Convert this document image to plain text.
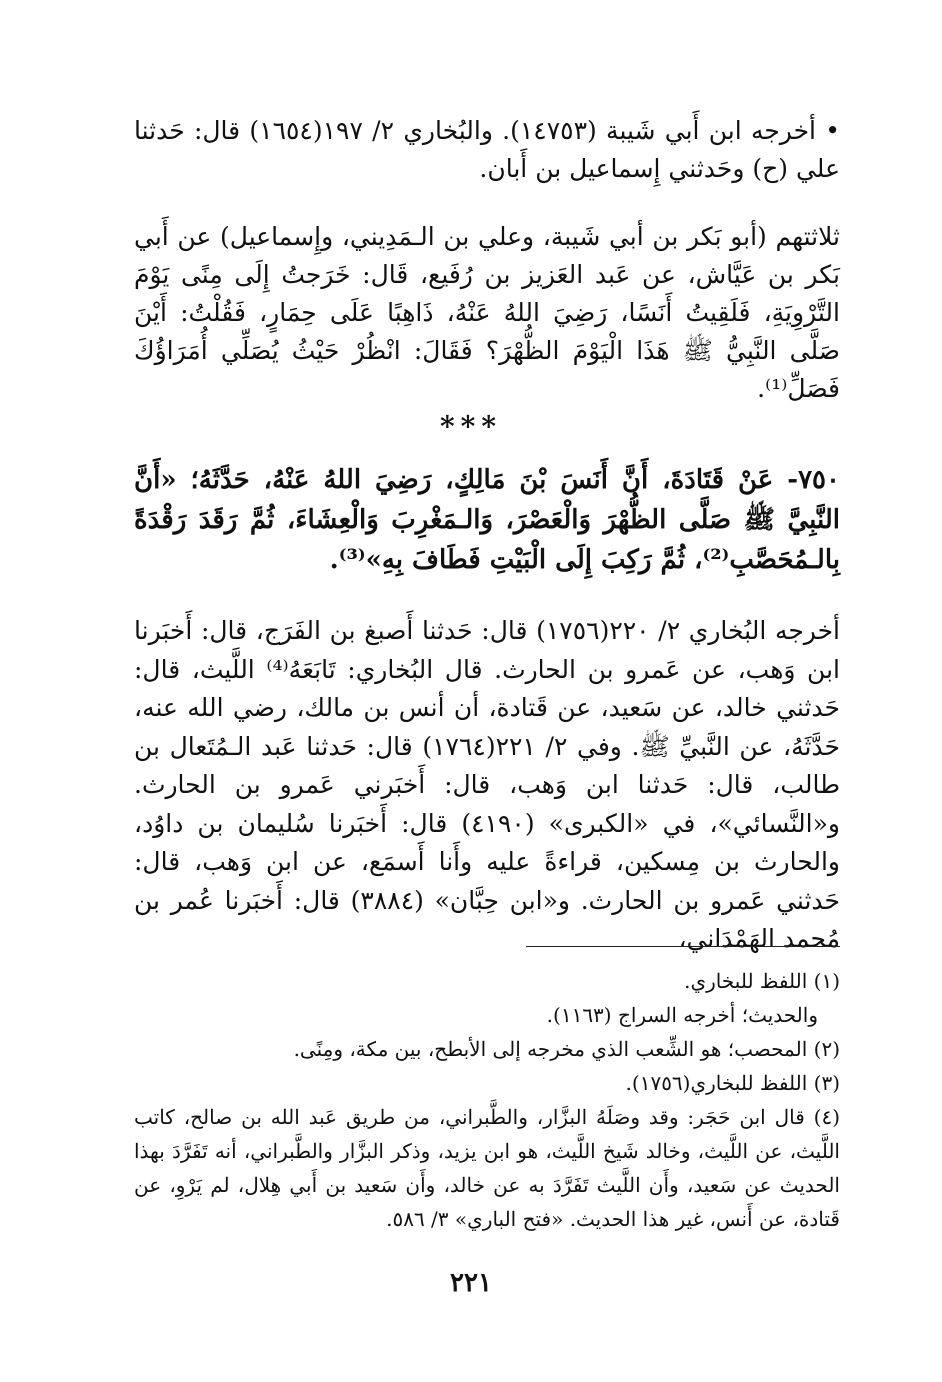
• أخرجه ابن أَبي شَيبة (١٤٧٥٣). والبُخاري ٢/ ١٩٧(١٦٥٤) قال: حَدثنا علي (ح) وحَدثني إِسماعيل بن أَبان.

ثلاثتهم (أبو بَكر بن أبي شَيبة، وعلي بن الـمَدِيني، وإِسماعيل) عن أَبي بَكر بن عَيَّاش، عن عَبد العَزيز بن رُفَيع، قَال: خَرَجتُ إِلَى مِنًى يَوْمَ التَّرْوِيَةِ، فَلَقِيتُ أَنَسًا، رَضِيَ اللهُ عَنْهُ، ذَاهِبًا عَلَى حِمَارٍ، فَقُلْتُ: أَيْنَ صَلَّى النَّبِيُّ ﷺ هَذَا الْيَوْمَ الظُّهْرَ؟ فَقَالَ: انْظُرْ حَيْثُ يُصَلِّي أُمَرَاؤُكَ فَصَلِّ⁽¹⁾.

***

٧٥٠- عَنْ قَتَادَةَ، أَنَّ أَنَسَ بْنَ مَالِكٍ، رَضِيَ اللهُ عَنْهُ، حَدَّثَهُ؛ «أَنَّ النَّبِيَّ ﷺ صَلَّى الظُّهْرَ وَالْعَصْرَ، وَالـمَغْرِبَ وَالْعِشَاءَ، ثُمَّ رَقَدَ رَقْدَةً بِالـمُحَصَّبِ⁽²⁾، ثُمَّ رَكِبَ إِلَى الْبَيْتِ فَطَافَ بِهِ»⁽³⁾.

أخرجه البُخاري ٢/ ٢٢٠(١٧٥٦) قال: حَدثنا أَصبغ بن الفَرَج، قال: أَخبَرنا ابن وَهب، عن عَمرو بن الحارث. قال البُخاري: تَابَعَهُ⁽⁴⁾ اللَّيث، قال: حَدثني خالد، عن سَعيد، عن قَتادة، أن أنس بن مالك، رضي الله عنه، حَدَّثَهُ، عن النَّبيِّ ﷺ. وفي ٢/ ٢٢١(١٧٦٤) قال: حَدثنا عَبد الـمُتَعال بن طالب، قال: حَدثنا ابن وَهب، قال: أَخبَرني عَمرو بن الحارث. و«النَّسائي»، في «الكبرى» (٤١٩٠) قال: أَخبَرنا سُليمان بن داوُد، والحارث بن مِسكين، قراءةً عليه وأَنا أَسمَع، عن ابن وَهب، قال: حَدثني عَمرو بن الحارث. و«ابن حِبَّان» (٣٨٨٤) قال: أَخبَرنا عُمر بن مُحمد الهَمْدَاني،

(١) اللفظ للبخاري.

والحديث؛ أخرجه السراج (١١٦٣).

(٢) المحصب؛ هو الشِّعب الذي مخرجه إلى الأبطح، بين مكة، ومِنًى.

(٣) اللفظ للبخاري(١٧٥٦).

(٤) قال ابن حَجَر: وقد وصَلَهُ البزَّار، والطَّبراني، من طريق عَبد الله بن صالح، كاتب اللَّيث، عن اللَّيث، وخالد شَيخ اللَّيث، هو ابن يزيد، وذكر البزَّار والطَّبراني، أنه تَفَرَّدَ بهذا الحديث عن سَعيد، وأَن اللَّيث تَفَرَّدَ به عن خالد، وأَن سَعيد بن أَبي هِلال، لم يَرْوِ، عن قَتادة، عن أَنس، غير هذا الحديث. «فتح الباري» ٣/ ٥٨٦.

٢٢١
